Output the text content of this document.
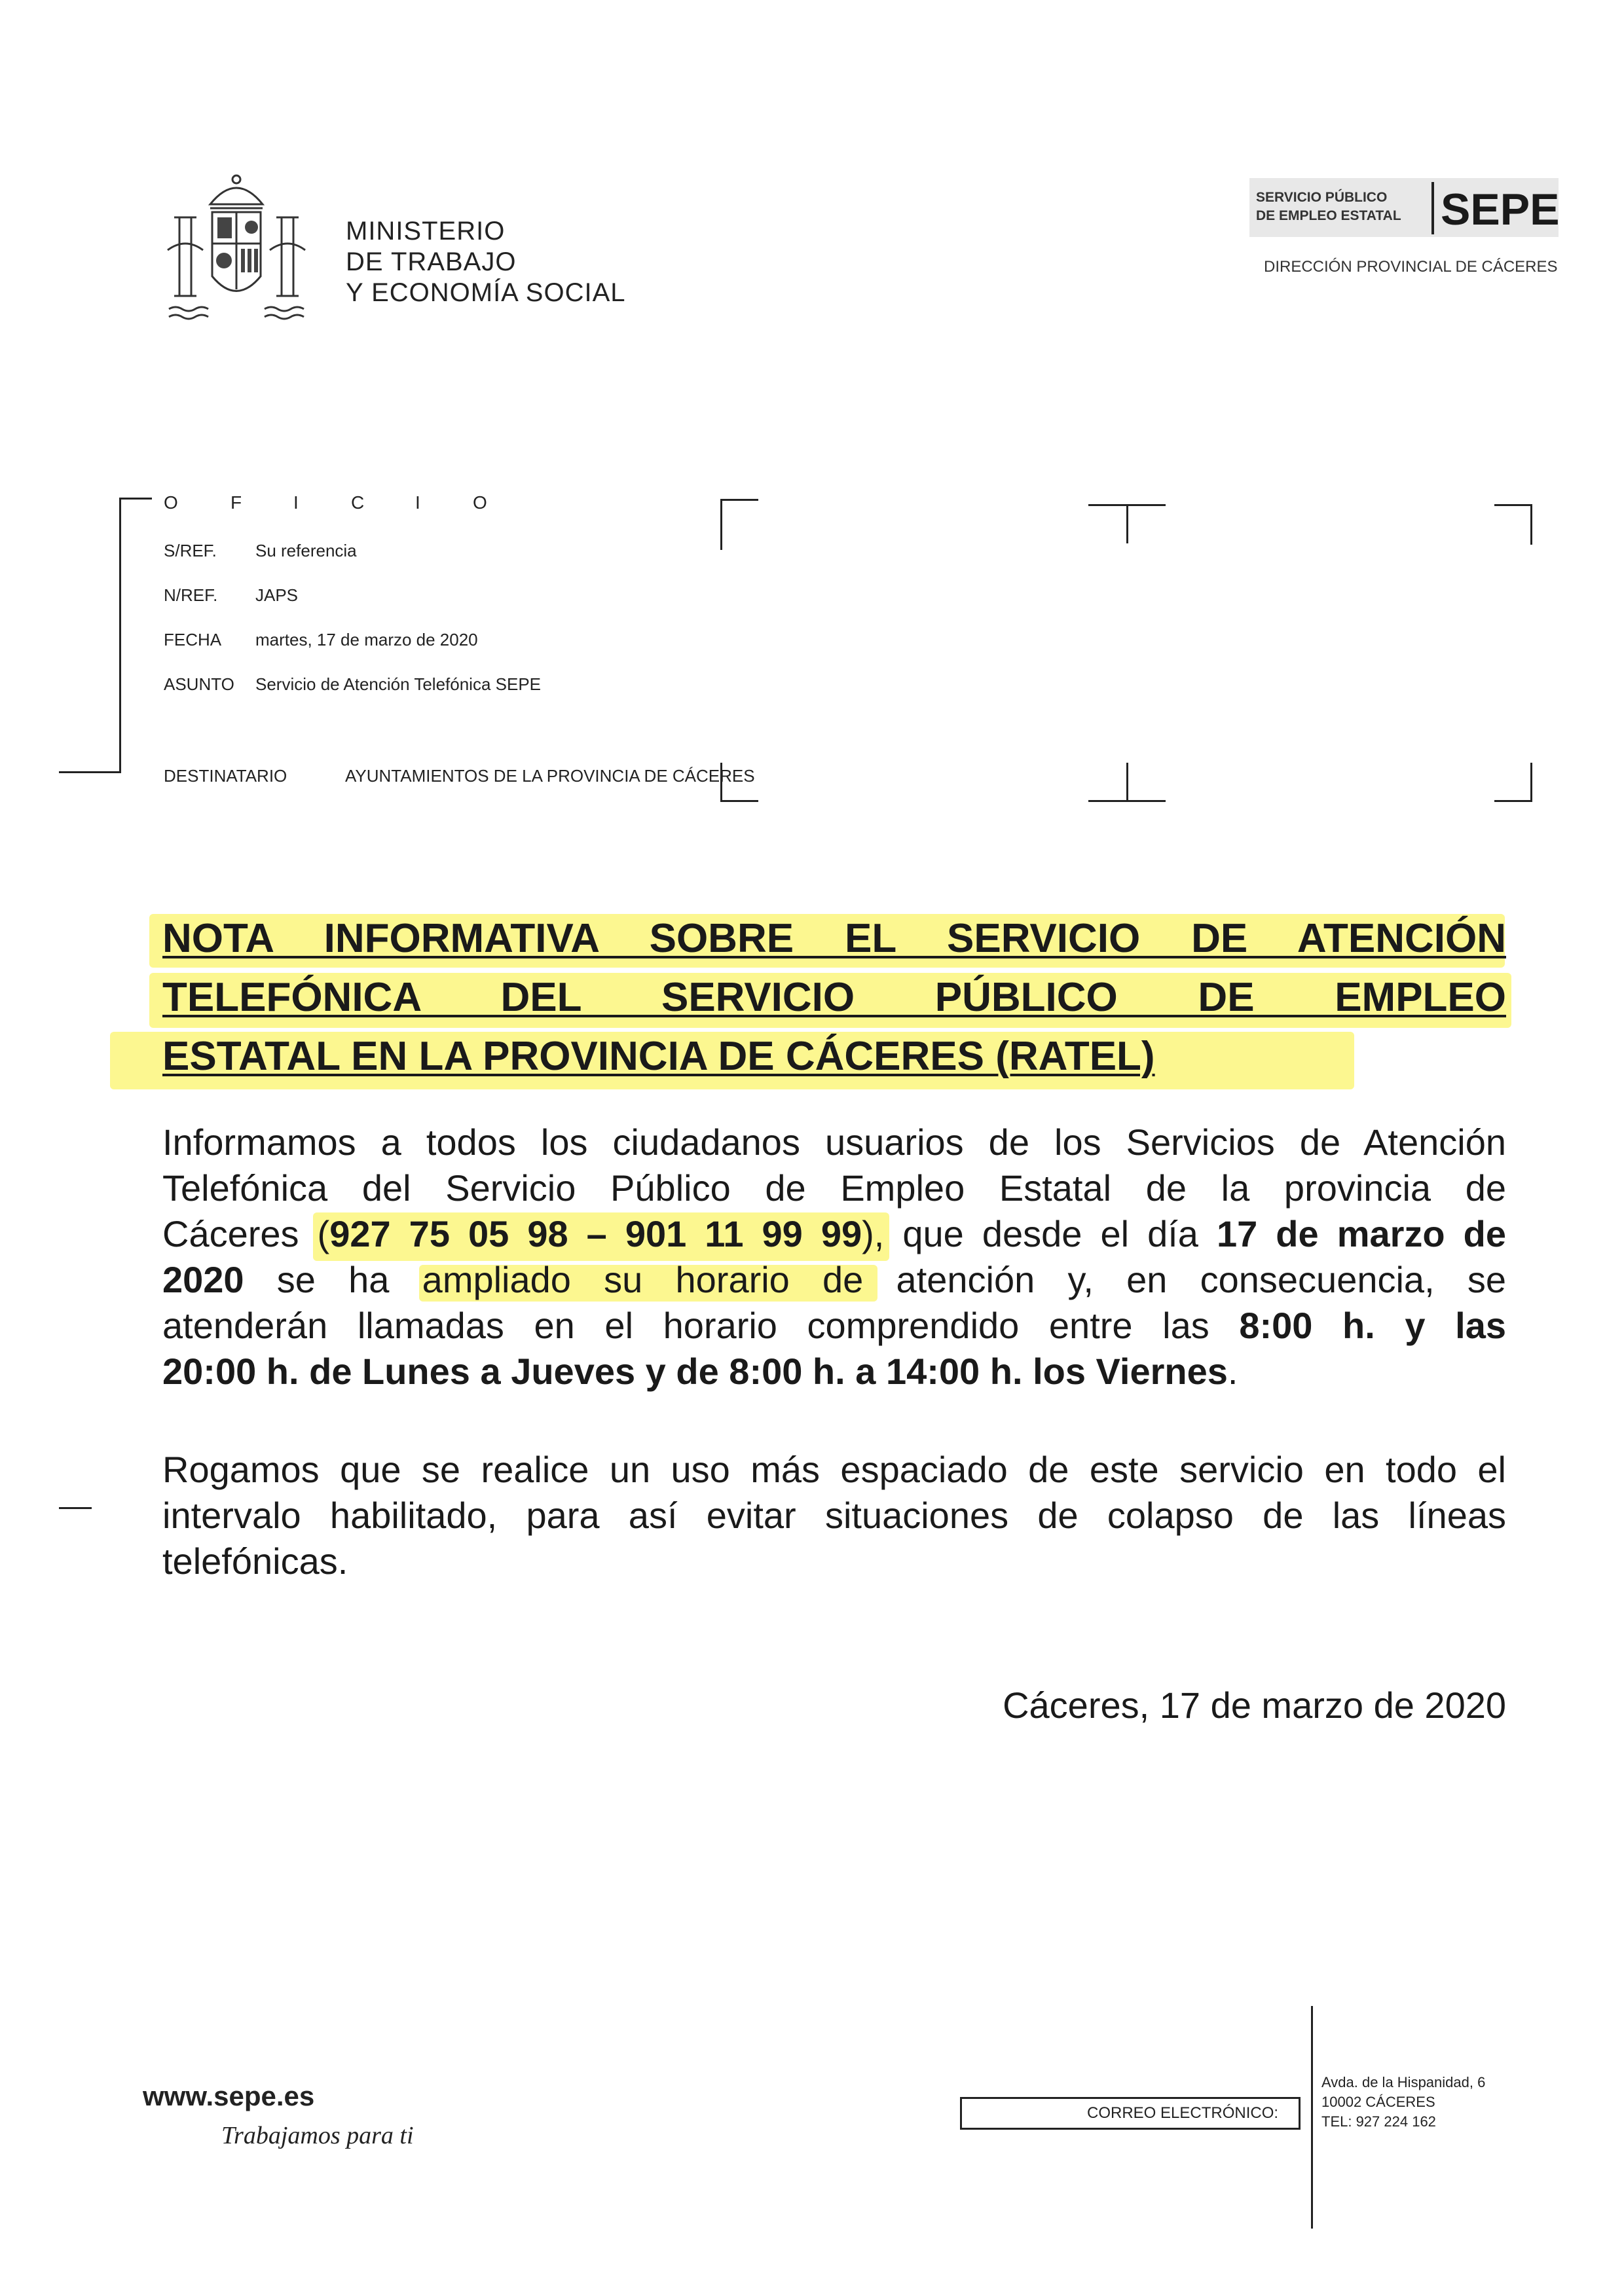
MINISTERIO
DE TRABAJO
Y ECONOMÍA SOCIAL
SERVICIO PÚBLICO
DE EMPLEO ESTATAL SEPE
DIRECCIÓN PROVINCIAL DE CÁCERES
O	F	I	C	I	O
S/REF. Su referencia
N/REF. JAPS
FECHA martes, 17 de marzo de 2020
ASUNTO Servicio de Atención Telefónica SEPE
DESTINATARIO	AYUNTAMIENTOS DE LA PROVINCIA DE CÁCERES
NOTA INFORMATIVA SOBRE EL SERVICIO DE ATENCIÓN
TELEFÓNICA DEL SERVICIO PÚBLICO DE EMPLEO
ESTATAL EN LA PROVINCIA DE CÁCERES (RATEL)
Informamos a todos los ciudadanos usuarios de los Servicios de Atención
Telefónica del Servicio Público de Empleo Estatal de la provincia de
Cáceres (927 75 05 98 – 901 11 99 99), que desde el día 17 de marzo de
2020 se ha ampliado su horario de atención y, en consecuencia, se
atenderán llamadas en el horario comprendido entre las 8:00 h. y las
20:00 h. de Lunes a Jueves y de 8:00 h. a 14:00 h. los Viernes.
Rogamos que se realice un uso más espaciado de este servicio en todo el
intervalo habilitado, para así evitar situaciones de colapso de las líneas
telefónicas.
Cáceres, 17 de marzo de 2020
www.sepe.es
Trabajamos para ti
CORREO ELECTRÓNICO:
Avda. de la Hispanidad, 6
10002 CÁCERES
TEL: 927 224 162
